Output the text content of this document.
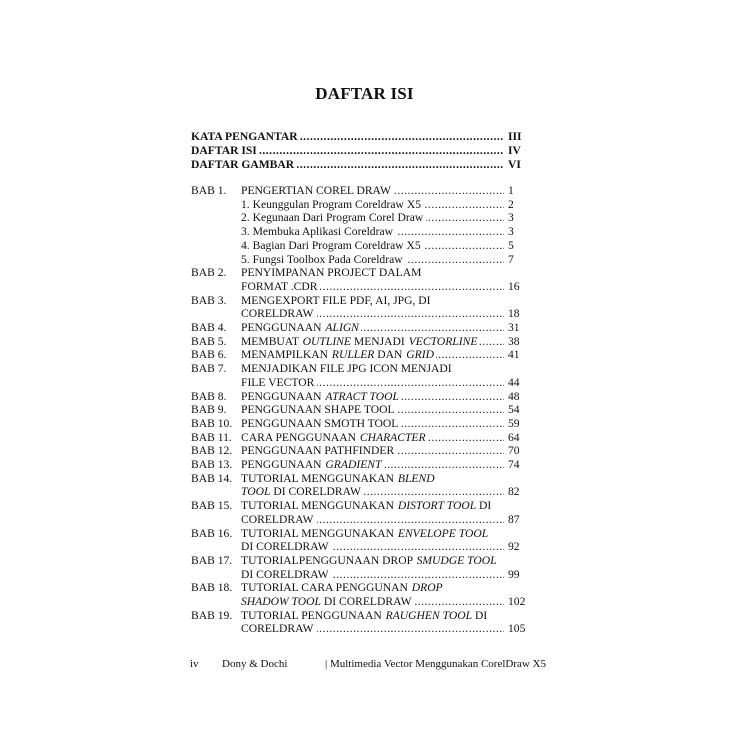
DAFTAR ISI
KATA PENGANTAR .....	III
DAFTAR ISI .....	IV
DAFTAR GAMBAR .....	VI
BAB 1. PENGERTIAN COREL DRAW .....	1
1. Keunggulan Program Coreldraw X5 .....	2
2. Kegunaan Dari Program Corel Draw .....	3
3. Membuka Aplikasi Coreldraw .....	3
4. Bagian Dari Program Coreldraw X5 .....	5
5. Fungsi Toolbox Pada Coreldraw .....	7
BAB 2. PENYIMPANAN PROJECT DALAM
FORMAT .CDR .....	16
BAB 3. MENGEXPORT FILE PDF, AI, JPG, DI
CORELDRAW .....	18
BAB 4. PENGGUNAAN ALIGN .....	31
BAB 5. MEMBUAT OUTLINE MENJADI VECTORLINE .....	38
BAB 6. MENAMPILKAN RULLER DAN GRID .....	41
BAB 7. MENJADIKAN FILE JPG ICON MENJADI
FILE VECTOR .....	44
BAB 8. PENGGUNAAN ATRACT TOOL .....	48
BAB 9. PENGGUNAAN SHAPE TOOL .....	54
BAB 10. PENGGUNAAN SMOTH TOOL .....	59
BAB 11. CARA PENGGUNAAN CHARACTER .....	64
BAB 12. PENGGUNAAN PATHFINDER .....	70
BAB 13. PENGGUNAAN GRADIENT .....	74
BAB 14. TUTORIAL MENGGUNAKAN BLEND
TOOL DI CORELDRAW .....	82
BAB 15. TUTORIAL MENGGUNAKAN DISTORT TOOL DI
CORELDRAW .....	87
BAB 16. TUTORIAL MENGGUNAKAN ENVELOPE TOOL
DI CORELDRAW .....	92
BAB 17. TUTORIALPENGGUNAAN DROP SMUDGE TOOL
DI CORELDRAW .....	99
BAB 18. TUTORIAL CARA PENGGUNAN DROP
SHADOW TOOL DI CORELDRAW .....	102
BAB 19. TUTORIAL PENGGUNAAN RAUGHEN TOOL DI
CORELDRAW .....	105
iv Dony & Dochi	| Multimedia Vector Menggunakan CorelDraw X5
